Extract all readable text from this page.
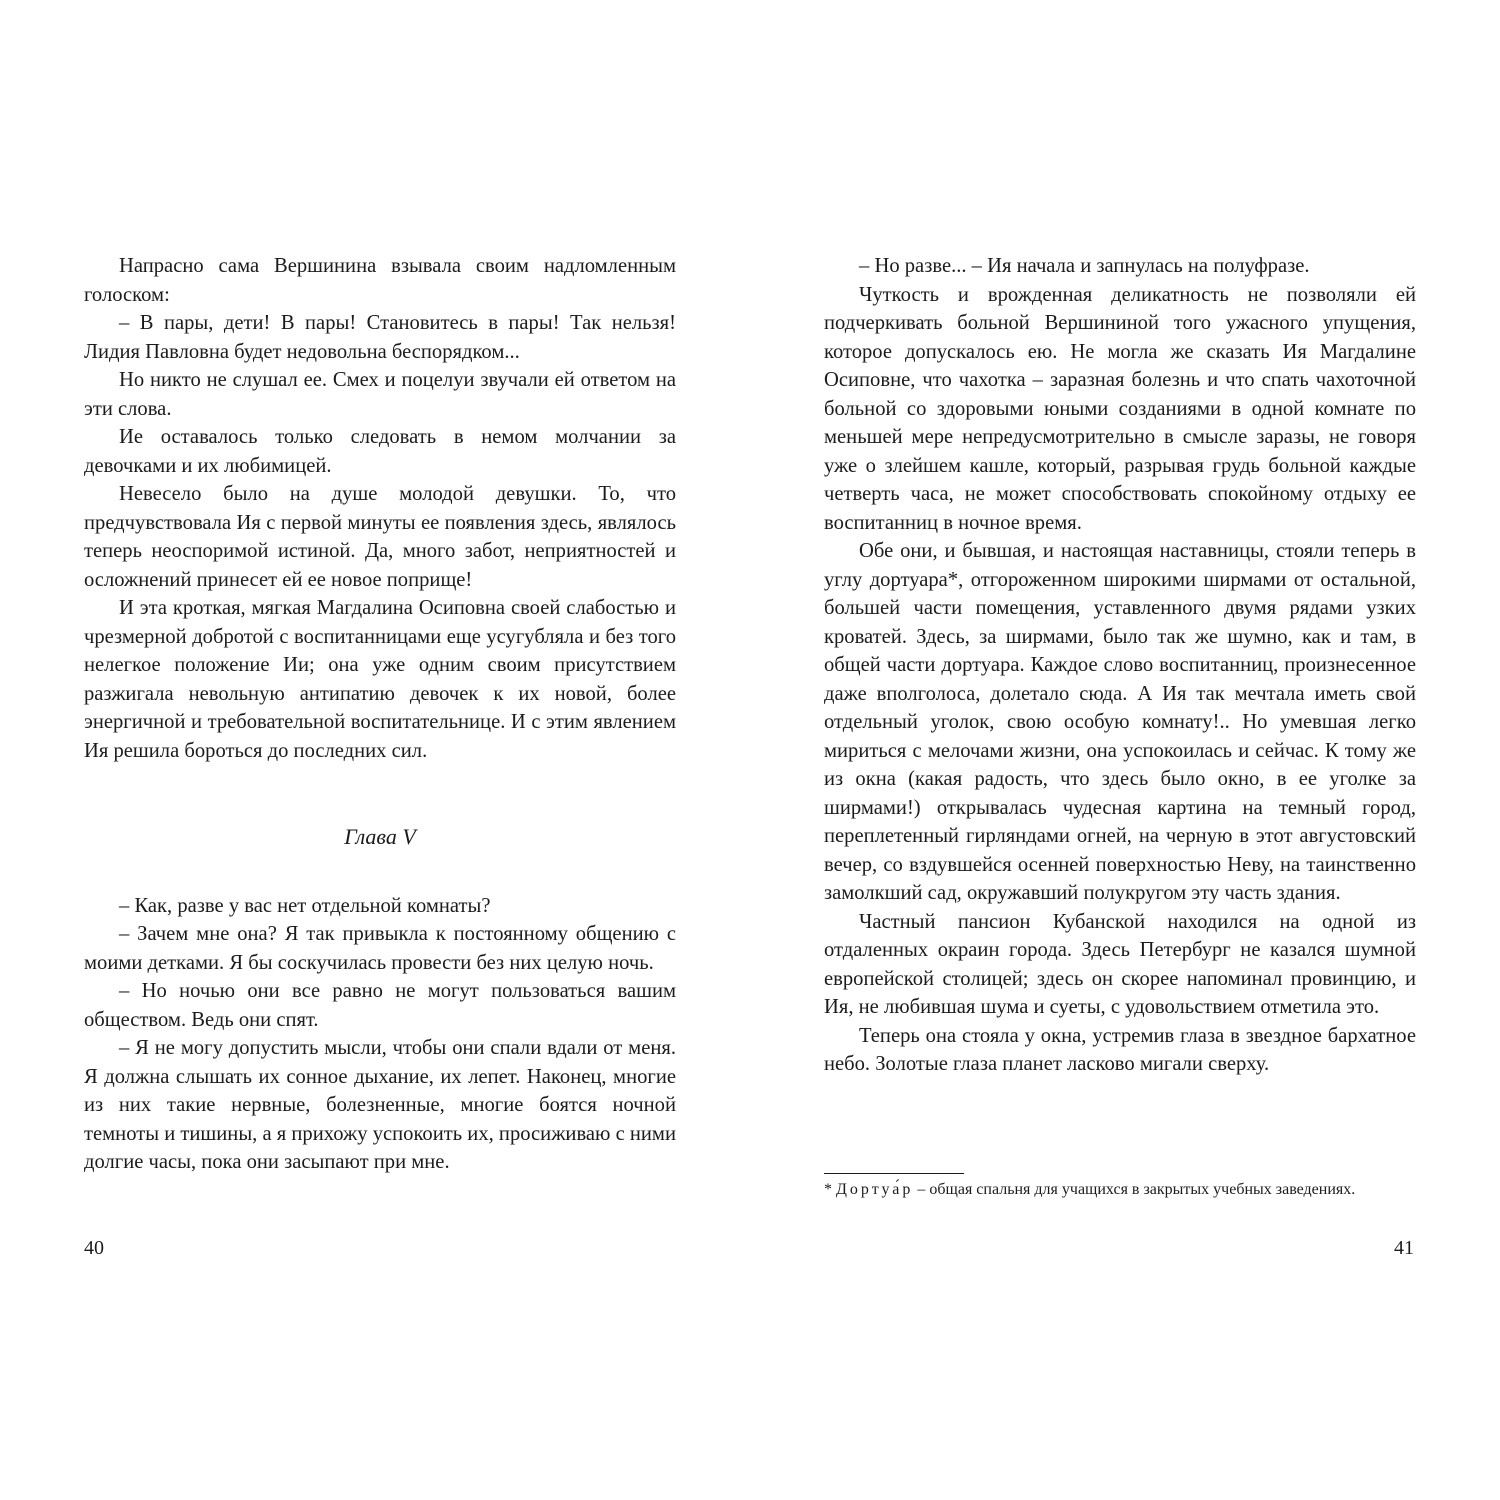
Напрасно сама Вершинина взывала своим надломленным голоском:

– В пары, дети! В пары! Становитесь в пары! Так нельзя! Лидия Павловна будет недовольна беспорядком...

Но никто не слушал ее. Смех и поцелуи звучали ей ответом на эти слова.

Ие оставалось только следовать в немом молчании за девочками и их любимицей.

Невесело было на душе молодой девушки. То, что предчувствовала Ия с первой минуты ее появления здесь, являлось теперь неоспоримой истиной. Да, много забот, неприятностей и осложнений принесет ей ее новое поприще!

И эта кроткая, мягкая Магдалина Осиповна своей слабостью и чрезмерной добротой с воспитанницами еще усугубляла и без того нелегкое положение Ии; она уже одним своим присутствием разжигала невольную антипатию девочек к их новой, более энергичной и требовательной воспитательнице. И с этим явлением Ия решила бороться до последних сил.

Глава V

– Как, разве у вас нет отдельной комнаты?

– Зачем мне она? Я так привыкла к постоянному общению с моими детками. Я бы соскучилась провести без них целую ночь.

– Но ночью они все равно не могут пользоваться вашим обществом. Ведь они спят.

– Я не могу допустить мысли, чтобы они спали вдали от меня. Я должна слышать их сонное дыхание, их лепет. Наконец, многие из них такие нервные, болезненные, многие боятся ночной темноты и тишины, а я прихожу успокоить их, просиживаю с ними долгие часы, пока они засыпают при мне.

40

– Но разве... – Ия начала и запнулась на полуфразе.

Чуткость и врожденная деликатность не позволяли ей подчеркивать больной Вершининой того ужасного упущения, которое допускалось ею. Не могла же сказать Ия Магдалине Осиповне, что чахотка – заразная болезнь и что спать чахоточной больной со здоровыми юными созданиями в одной комнате по меньшей мере непредусмотрительно в смысле заразы, не говоря уже о злейшем кашле, который, разрывая грудь больной каждые четверть часа, не может способствовать спокойному отдыху ее воспитанниц в ночное время.

Обе они, и бывшая, и настоящая наставницы, стояли теперь в углу дортуара*, отгороженном широкими ширмами от остальной, большей части помещения, уставленного двумя рядами узких кроватей. Здесь, за ширмами, было так же шумно, как и там, в общей части дортуара. Каждое слово воспитанниц, произнесенное даже вполголоса, долетало сюда. А Ия так мечтала иметь свой отдельный уголок, свою особую комнату!.. Но умевшая легко мириться с мелочами жизни, она успокоилась и сейчас. К тому же из окна (какая радость, что здесь было окно, в ее уголке за ширмами!) открывалась чудесная картина на темный город, переплетенный гирляндами огней, на черную в этот августовский вечер, со вздувшейся осенней поверхностью Неву, на таинственно замолкший сад, окружавший полукругом эту часть здания.

Частный пансион Кубанской находился на одной из отдаленных окраин города. Здесь Петербург не казался шумной европейской столицей; здесь он скорее напоминал провинцию, и Ия, не любившая шума и суеты, с удовольствием отметила это.

Теперь она стояла у окна, устремив глаза в звездное бархатное небо. Золотые глаза планет ласково мигали сверху.

* Дортуа́р – общая спальня для учащихся в закрытых учебных заведениях.

41
